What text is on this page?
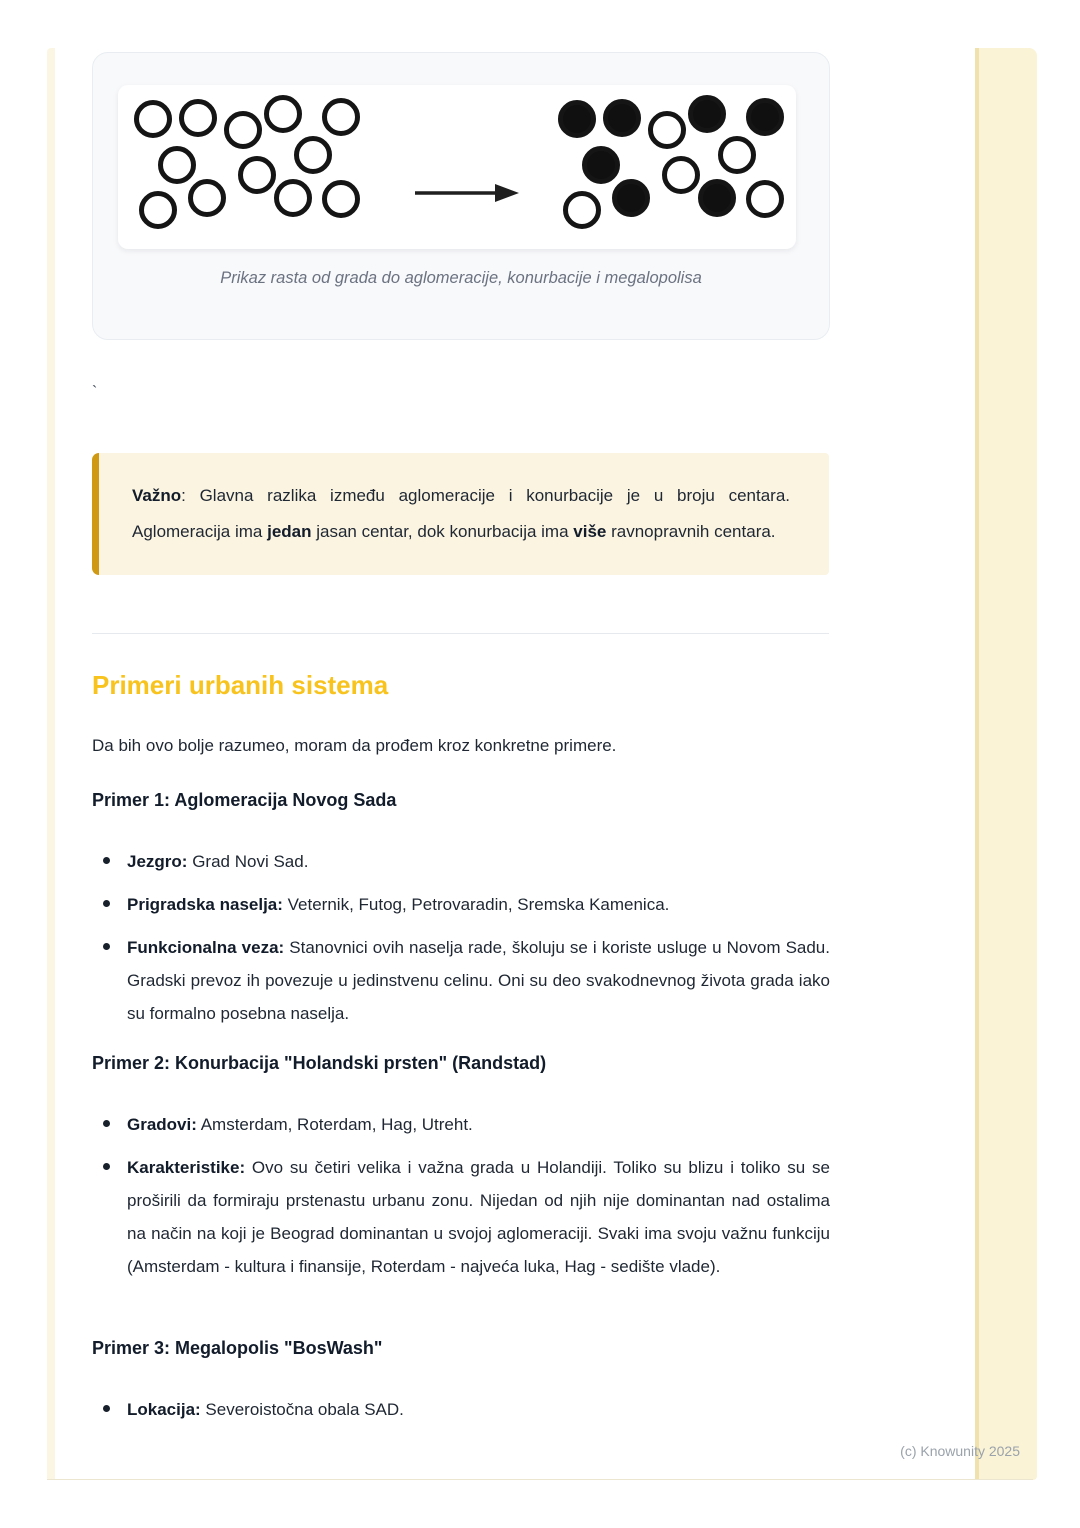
Prikaz rasta od grada do aglomeracije, konurbacije i megalopolisa
`
Važno: Glavna razlika između aglomeracije i konurbacije je u broju centara. Aglomeracija ima jedan jasan centar, dok konurbacija ima više ravnopravnih centara.
Primeri urbanih sistema
Da bih ovo bolje razumeo, moram da prođem kroz konkretne primere.
Primer 1: Aglomeracija Novog Sada
Jezgro: Grad Novi Sad.
Prigradska naselja: Veternik, Futog, Petrovaradin, Sremska Kamenica.
Funkcionalna veza: Stanovnici ovih naselja rade, školuju se i koriste usluge u Novom Sadu. Gradski prevoz ih povezuje u jedinstvenu celinu. Oni su deo svakodnevnog života grada iako su formalno posebna naselja.
Primer 2: Konurbacija "Holandski prsten" (Randstad)
Gradovi: Amsterdam, Roterdam, Hag, Utreht.
Karakteristike: Ovo su četiri velika i važna grada u Holandiji. Toliko su blizu i toliko su se proširili da formiraju prstenastu urbanu zonu. Nijedan od njih nije dominantan nad ostalima na način na koji je Beograd dominantan u svojoj aglomeraciji. Svaki ima svoju važnu funkciju (Amsterdam - kultura i finansije, Roterdam - najveća luka, Hag - sedište vlade).
Primer 3: Megalopolis "BosWash"
Lokacija: Severoistočna obala SAD.
(c) Knowunity 2025
